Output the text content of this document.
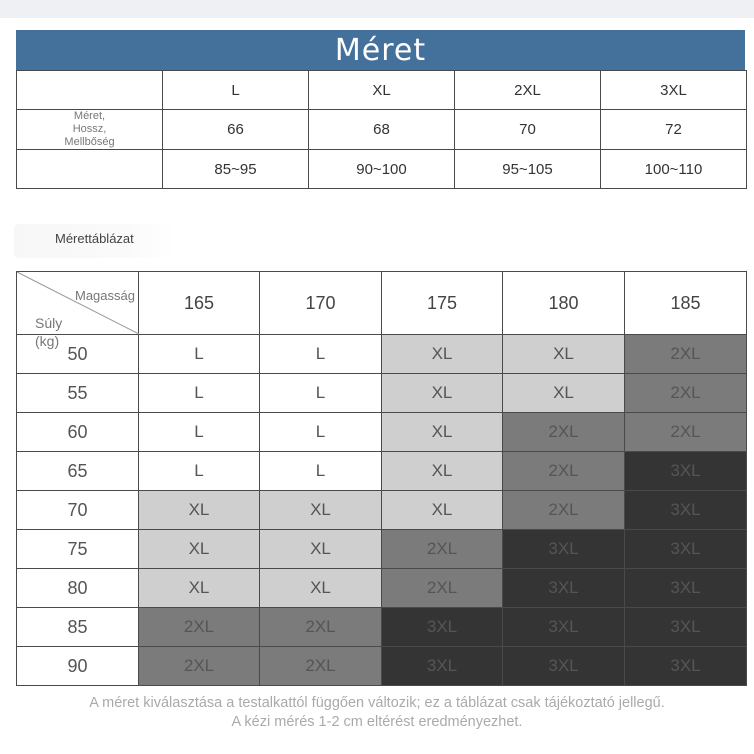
Méret
	L	XL	2XL	3XL
Méret,
Hossz,
Mellbőség	66	68	70	72
	85~95	90~100	95~105	100~110
Mérettáblázat
Magasság
Súly
(kg)	165	170	175	180	185
50	L	L	XL	XL	2XL
55	L	L	XL	XL	2XL
60	L	L	XL	2XL	2XL
65	L	L	XL	2XL	3XL
70	XL	XL	XL	2XL	3XL
75	XL	XL	2XL	3XL	3XL
80	XL	XL	2XL	3XL	3XL
85	2XL	2XL	3XL	3XL	3XL
90	2XL	2XL	3XL	3XL	3XL
A méret kiválasztása a testalkattól függően változik; ez a táblázat csak tájékoztató jellegű.
A kézi mérés 1-2 cm eltérést eredményezhet.
